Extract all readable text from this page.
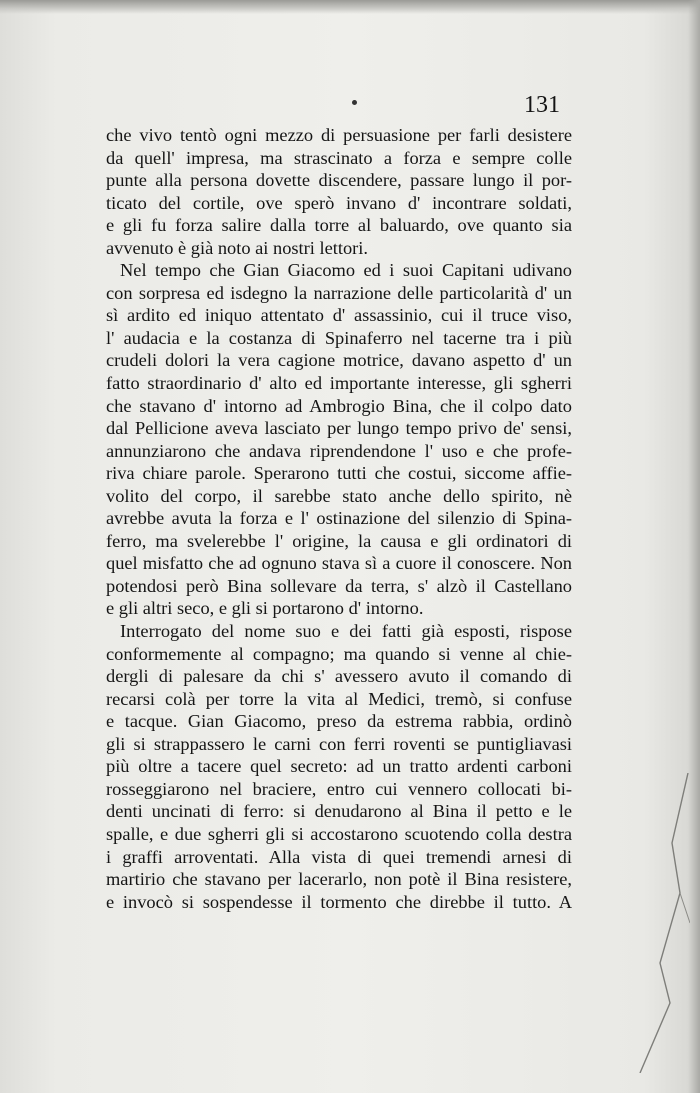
131
che vivo tentò ogni mezzo di persuasione per farli desistere
da quell' impresa, ma strascinato a forza e sempre colle
punte alla persona dovette discendere, passare lungo il por-
ticato del cortile, ove sperò invano d' incontrare soldati,
e gli fu forza salire dalla torre al baluardo, ove quanto sia
avvenuto è già noto ai nostri lettori.
Nel tempo che Gian Giacomo ed i suoi Capitani udivano
con sorpresa ed isdegno la narrazione delle particolarità d' un
sì ardito ed iniquo attentato d' assassinio, cui il truce viso,
l' audacia e la costanza di Spinaferro nel tacerne tra i più
crudeli dolori la vera cagione motrice, davano aspetto d' un
fatto straordinario d' alto ed importante interesse, gli sgherri
che stavano d' intorno ad Ambrogio Bina, che il colpo dato
dal Pellicione aveva lasciato per lungo tempo privo de' sensi,
annunziarono che andava riprendendone l' uso e che profe-
riva chiare parole. Sperarono tutti che costui, siccome affie-
volito del corpo, il sarebbe stato anche dello spirito, nè
avrebbe avuta la forza e l' ostinazione del silenzio di Spina-
ferro, ma svelerebbe l' origine, la causa e gli ordinatori di
quel misfatto che ad ognuno stava sì a cuore il conoscere. Non
potendosi però Bina sollevare da terra, s' alzò il Castellano
e gli altri seco, e gli si portarono d' intorno.
Interrogato del nome suo e dei fatti già esposti, rispose
conformemente al compagno; ma quando si venne al chie-
dergli di palesare da chi s' avessero avuto il comando di
recarsi colà per torre la vita al Medici, tremò, si confuse
e tacque. Gian Giacomo, preso da estrema rabbia, ordinò
gli si strappassero le carni con ferri roventi se puntigliavasi
più oltre a tacere quel secreto: ad un tratto ardenti carboni
rosseggiarono nel braciere, entro cui vennero collocati bi-
denti uncinati di ferro: si denudarono al Bina il petto e le
spalle, e due sgherri gli si accostarono scuotendo colla destra
i graffi arroventati. Alla vista di quei tremendi arnesi di
martirio che stavano per lacerarlo, non potè il Bina resistere,
e invocò si sospendesse il tormento che direbbe il tutto. A
